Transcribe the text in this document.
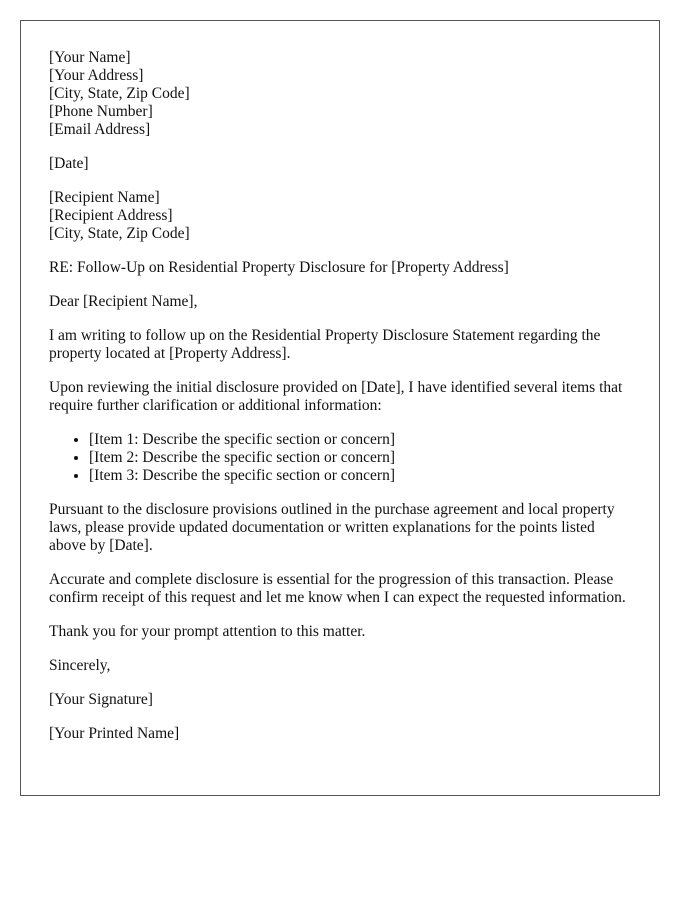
[Your Name]
[Your Address]
[City, State, Zip Code]
[Phone Number]
[Email Address]

[Date]

[Recipient Name]
[Recipient Address]
[City, State, Zip Code]

RE: Follow-Up on Residential Property Disclosure for [Property Address]

Dear [Recipient Name],

I am writing to follow up on the Residential Property Disclosure Statement regarding the property located at [Property Address].

Upon reviewing the initial disclosure provided on [Date], I have identified several items that require further clarification or additional information:

• [Item 1: Describe the specific section or concern]
• [Item 2: Describe the specific section or concern]
• [Item 3: Describe the specific section or concern]

Pursuant to the disclosure provisions outlined in the purchase agreement and local property laws, please provide updated documentation or written explanations for the points listed above by [Date].

Accurate and complete disclosure is essential for the progression of this transaction. Please confirm receipt of this request and let me know when I can expect the requested information.

Thank you for your prompt attention to this matter.

Sincerely,

[Your Signature]

[Your Printed Name]
